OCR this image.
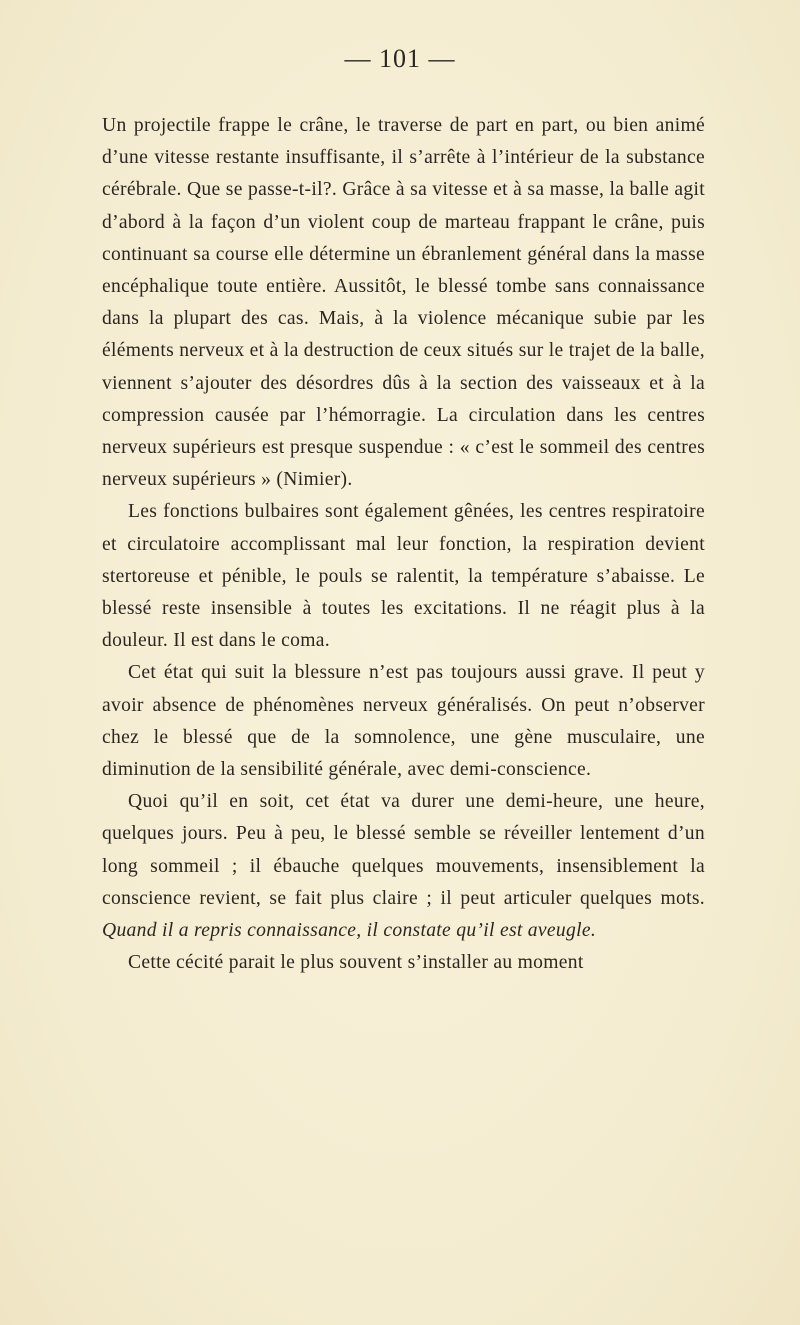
— 101 —

Un projectile frappe le crâne, le traverse de part en part, ou bien animé d’une vitesse restante insuffisante, il s’arrête à l’intérieur de la substance cérébrale. Que se passe-t-il?. Grâce à sa vitesse et à sa masse, la balle agit d’abord à la façon d’un violent coup de marteau frappant le crâne, puis continuant sa course elle détermine un ébranlement général dans la masse encéphalique toute entière. Aussitôt, le blessé tombe sans connaissance dans la plupart des cas. Mais, à la violence mécanique subie par les éléments nerveux et à la destruction de ceux situés sur le trajet de la balle, viennent s’ajouter des désordres dûs à la section des vaisseaux et à la compression causée par l’hémorragie. La circulation dans les centres nerveux supérieurs est presque suspendue : « c’est le sommeil des centres nerveux supérieurs » (Nimier).

Les fonctions bulbaires sont également gênées, les centres respiratoire et circulatoire accomplissant mal leur fonction, la respiration devient stertoreuse et pénible, le pouls se ralentit, la température s’abaisse. Le blessé reste insensible à toutes les excitations. Il ne réagit plus à la douleur. Il est dans le coma.

Cet état qui suit la blessure n’est pas toujours aussi grave. Il peut y avoir absence de phénomènes nerveux généralisés. On peut n’observer chez le blessé que de la somnolence, une gène musculaire, une diminution de la sensibilité générale, avec demi-conscience.

Quoi qu’il en soit, cet état va durer une demi-heure, une heure, quelques jours. Peu à peu, le blessé semble se réveiller lentement d’un long sommeil ; il ébauche quelques mouvements, insensiblement la conscience revient, se fait plus claire ; il peut articuler quelques mots. Quand il a repris connaissance, il constate qu’il est aveugle.

Cette cécité parait le plus souvent s’installer au moment
